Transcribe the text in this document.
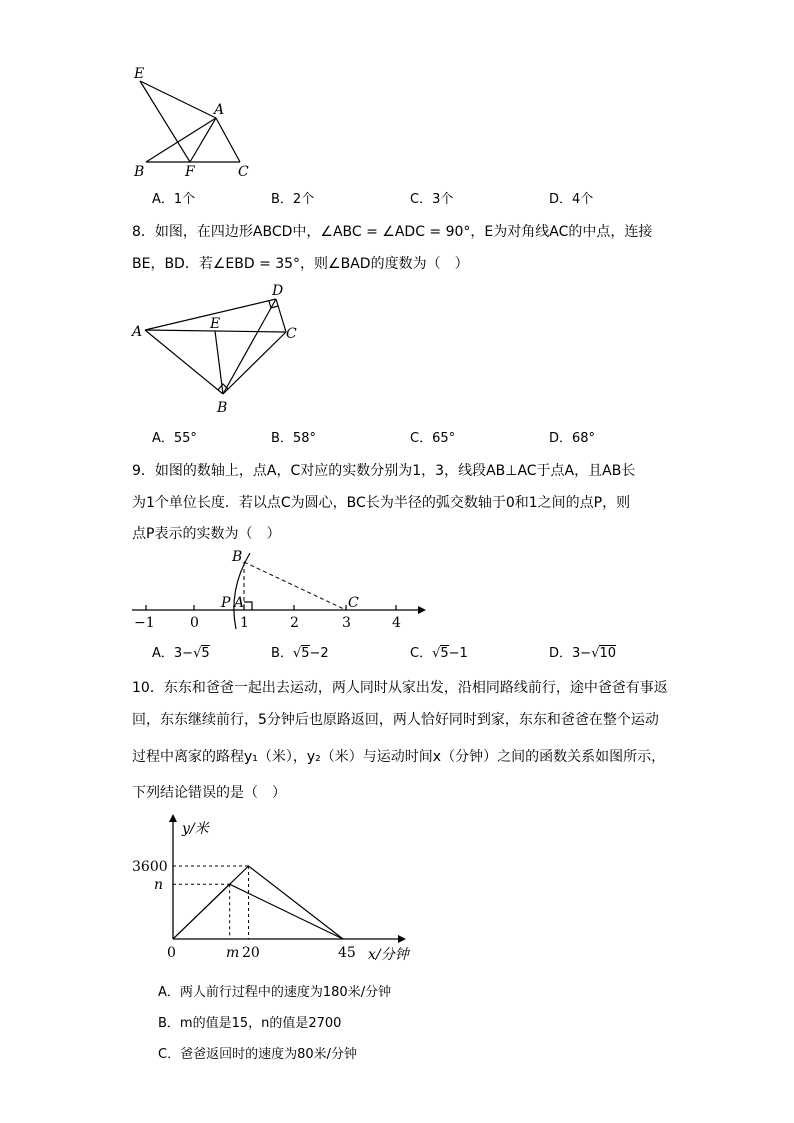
E
A
B	F	C
A．1个	B．2个	C．3个	D．4个
8．如图，在四边形ABCD中，∠ABC = ∠ADC = 90°，E为对角线AC的中点，连接
BE，BD．若∠EBD = 35°，则∠BAD的度数为（　）
D
A	E
C
B
A．55°	B．58°	C．65°	D．68°
9．如图的数轴上，点A，C对应的实数分别为1，3，线段AB⊥AC于点A，且AB长
为1个单位长度．若以点C为圆心，BC长为半径的弧交数轴于0和1之间的点P，则
点P表示的实数为（　）
B
P A	C
−1	0	1	2	3	4
A．3−√5	B．√5−2	C．√5−1	D．3−√10
10．东东和爸爸一起出去运动，两人同时从家出发，沿相同路线前行，途中爸爸有事返
回，东东继续前行，5分钟后也原路返回，两人恰好同时到家，东东和爸爸在整个运动
过程中离家的路程y₁（米），y₂（米）与运动时间x（分钟）之间的函数关系如图所示，
下列结论错误的是（　）
y/米
x/分钟
3600
n
0	m 20	45
A．两人前行过程中的速度为180米/分钟
B．m的值是15，n的值是2700
C．爸爸返回时的速度为80米/分钟
